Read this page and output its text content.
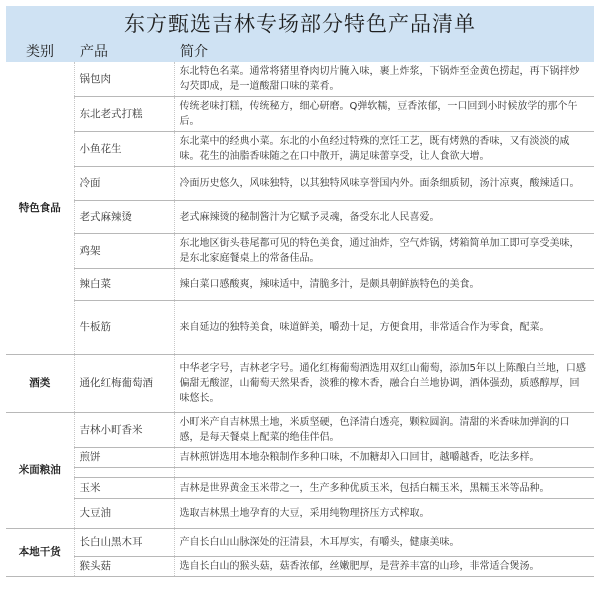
东方甄选吉林专场部分特色产品清单
类别	产品	简介
特色食品	锅包肉	东北特色名菜。通常将猪里脊肉切片腌入味，裹上炸浆，下锅炸至金黄色捞起，再下锅拌炒勾芡即成，是一道酸甜口味的菜肴。
	东北老式打糕	传统老味打糕，传统秘方，细心研磨。Q弹软糯，豆香浓郁，一口回到小时候放学的那个午后。
	小鱼花生	东北菜中的经典小菜。东北的小鱼经过特殊的烹饪工艺，既有烤熟的香味，又有淡淡的咸味。花生的油脂香味随之在口中散开，满足味蕾享受，让人食欲大增。
	冷面	冷面历史悠久，风味独特，以其独特风味享誉国内外。面条细质韧，汤汁凉爽，酸辣适口。
	老式麻辣烫	老式麻辣烫的秘制酱汁为它赋予灵魂，备受东北人民喜爱。
	鸡架	东北地区街头巷尾都可见的特色美食，通过油炸，空气炸锅，烤箱简单加工即可享受美味，是东北家庭餐桌上的常备佳品。
	辣白菜	辣白菜口感酸爽，辣味适中，清脆多汁，是颇具朝鲜族特色的美食。
	牛板筋	来自延边的独特美食，味道鲜美，嚼劲十足，方便食用，非常适合作为零食，配菜。
酒类	通化红梅葡萄酒	中华老字号，吉林老字号。通化红梅葡萄酒选用双红山葡萄，添加5年以上陈酿白兰地，口感偏甜无酸涩，山葡萄天然果香，淡雅的橡木香，融合白兰地协调，酒体强劲，质感醇厚，回味悠长。
米面粮油	吉林小町香米	小町米产自吉林黑土地，米质坚硬，色泽清白透亮，颗粒圆润。清甜的米香味加弹润的口感，是每天餐桌上配菜的绝佳伴侣。
	煎饼	吉林煎饼选用本地杂粮制作多种口味，不加糖却入口回甘，越嚼越香，吃法多样。

	玉米	吉林是世界黄金玉米带之一，生产多种优质玉米，包括白糯玉米，黑糯玉米等品种。
	大豆油	选取吉林黑土地孕育的大豆，采用纯物理挤压方式榨取。
本地干货	长白山黑木耳	产自长白山山脉深处的汪清县，木耳厚实，有嚼头，健康美味。
	猴头菇	选自长白山的猴头菇，菇香浓郁，丝嫩肥厚，是营养丰富的山珍，非常适合煲汤。
